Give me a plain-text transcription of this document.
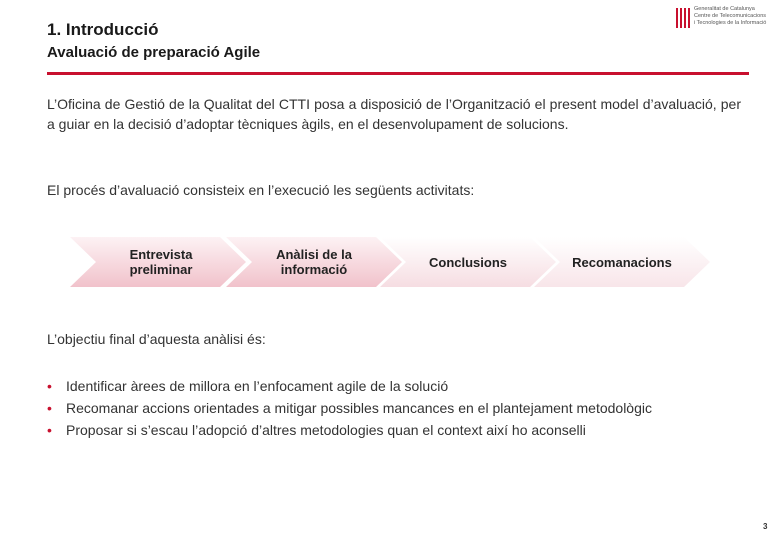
1. Introducció
Avaluació de preparació Agile
Generalitat de Catalunya
Centre de Telecomunicacions
i Tecnologies de la Informació
L’Oficina de Gestió de la Qualitat del CTTI posa a disposició de l’Organització el present model d’avaluació, per a guiar en la decisió d’adoptar tècniques àgils, en el desenvolupament de solucions.
El procés d’avaluació consisteix en l’execució les següents activitats:
Entrevista preliminar
Anàlisi de la informació	Conclusions	Recomanacions
L’objectiu final d’aquesta anàlisi és:
• Identificar àrees de millora en l’enfocament agile de la solució
• Recomanar accions orientades a mitigar possibles mancances en el plantejament metodològic
• Proposar si s’escau l’adopció d’altres metodologies quan el context així ho aconselli
3
